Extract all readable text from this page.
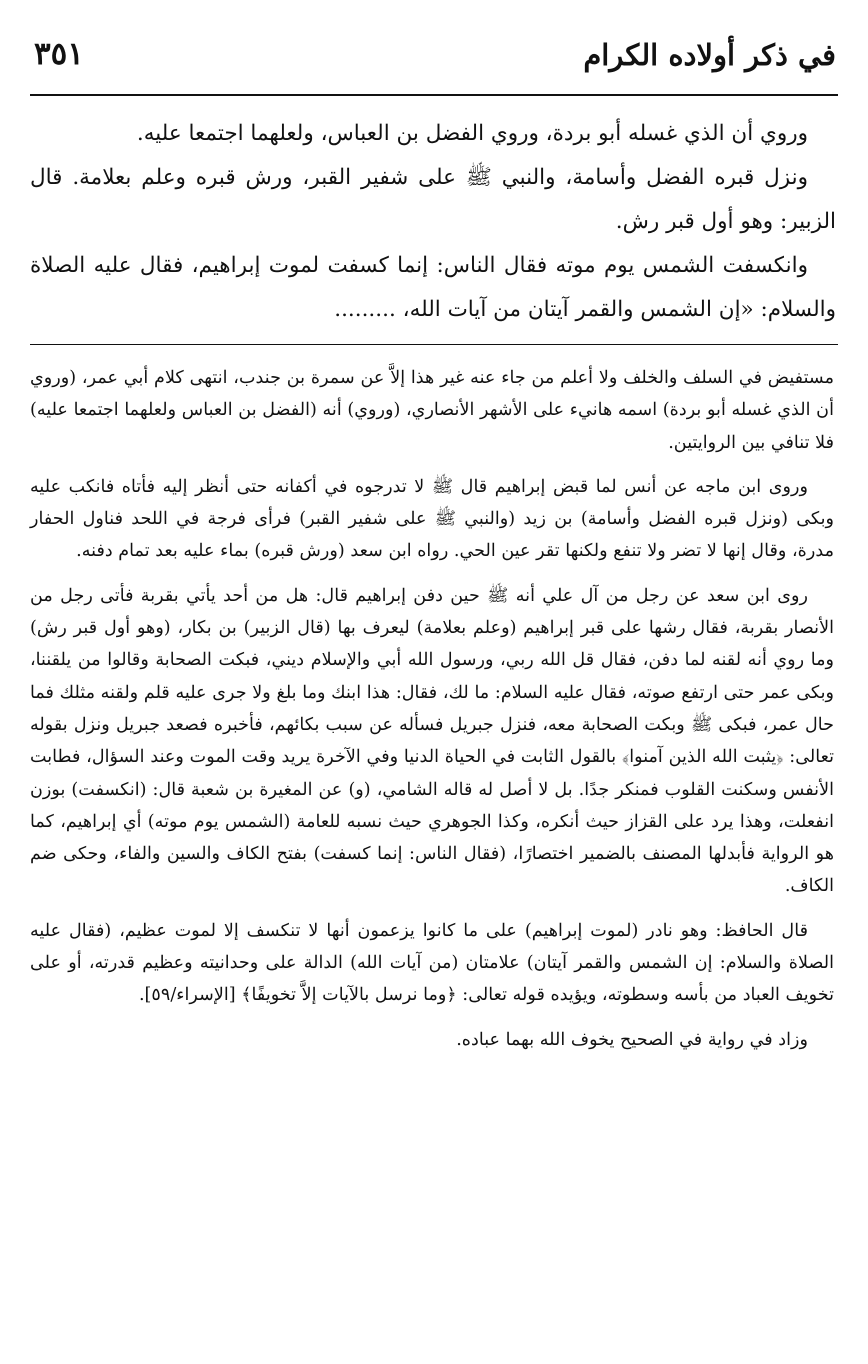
في ذكر أولاده الكرام
٣٥١

وروي أن الذي غسله أبو بردة، وروي الفضل بن العباس، ولعلهما اجتمعا عليه.

ونزل قبره الفضل وأسامة، والنبي ﷺ على شفير القبر، ورش قبره وعلم بعلامة. قال الزبير: وهو أول قبر رش.

وانكسفت الشمس يوم موته فقال الناس: إنما كسفت لموت إبراهيم، فقال عليه الصلاة والسلام: «إن الشمس والقمر آيتان من آيات الله، .........

مستفيض في السلف والخلف ولا أعلم من جاء عنه غير هذا إلاَّ عن سمرة بن جندب، انتهى كلام أبي عمر، (وروي أن الذي غسله أبو بردة) اسمه هانيء على الأشهر الأنصاري، (وروي) أنه (الفضل بن العباس ولعلهما اجتمعا عليه) فلا تنافي بين الروايتين.

وروى ابن ماجه عن أنس لما قبض إبراهيم قال ﷺ لا تدرجوه في أكفانه حتى أنظر إليه فأتاه فانكب عليه وبكى (ونزل قبره الفضل وأسامة) بن زيد (والنبي ﷺ على شفير القبر) فرأى فرجة في اللحد فناول الحفار مدرة، وقال إنها لا تضر ولا تنفع ولكنها تقر عين الحي. رواه ابن سعد (ورش قبره) بماء عليه بعد تمام دفنه.

روى ابن سعد عن رجل من آل علي أنه ﷺ حين دفن إبراهيم قال: هل من أحد يأتي بقربة فأتى رجل من الأنصار بقربة، فقال رشها على قبر إبراهيم (وعلم بعلامة) ليعرف بها (قال الزبير) بن بكار، (وهو أول قبر رش) وما روي أنه لقنه لما دفن، فقال قل الله ربي، ورسول الله أبي والإسلام ديني، فبكت الصحابة وقالوا من يلقننا، وبكى عمر حتى ارتفع صوته، فقال عليه السلام: ما لك، فقال: هذا ابنك وما بلغ ولا جرى عليه قلم ولقنه مثلك فما حال عمر، فبكى ﷺ وبكت الصحابة معه، فنزل جبريل فسأله عن سبب بكائهم، فأخبره فصعد جبريل ونزل بقوله تعالى: ﴿يثبت الله الذين آمنوا﴾ بالقول الثابت في الحياة الدنيا وفي الآخرة يريد وقت الموت وعند السؤال، فطابت الأنفس وسكنت القلوب فمنكر جدًا. بل لا أصل له قاله الشامي، (و) عن المغيرة بن شعبة قال: (انكسفت) بوزن انفعلت، وهذا يرد على القزاز حيث أنكره، وكذا الجوهري حيث نسبه للعامة (الشمس يوم موته) أي إبراهيم، كما هو الرواية فأبدلها المصنف بالضمير اختصارًا، (فقال الناس: إنما كسفت) بفتح الكاف والسين والفاء، وحكى ضم الكاف.

قال الحافظ: وهو نادر (لموت إبراهيم) على ما كانوا يزعمون أنها لا تنكسف إلا لموت عظيم، (فقال عليه الصلاة والسلام: إن الشمس والقمر آيتان) علامتان (من آيات الله) الدالة على وحدانيته وعظيم قدرته، أو على تخويف العباد من بأسه وسطوته، ويؤيده قوله تعالى: ﴿وما نرسل بالآيات إلاَّ تخويفًا﴾ [الإسراء/٥٩].

وزاد في رواية في الصحيح يخوف الله بهما عباده.
